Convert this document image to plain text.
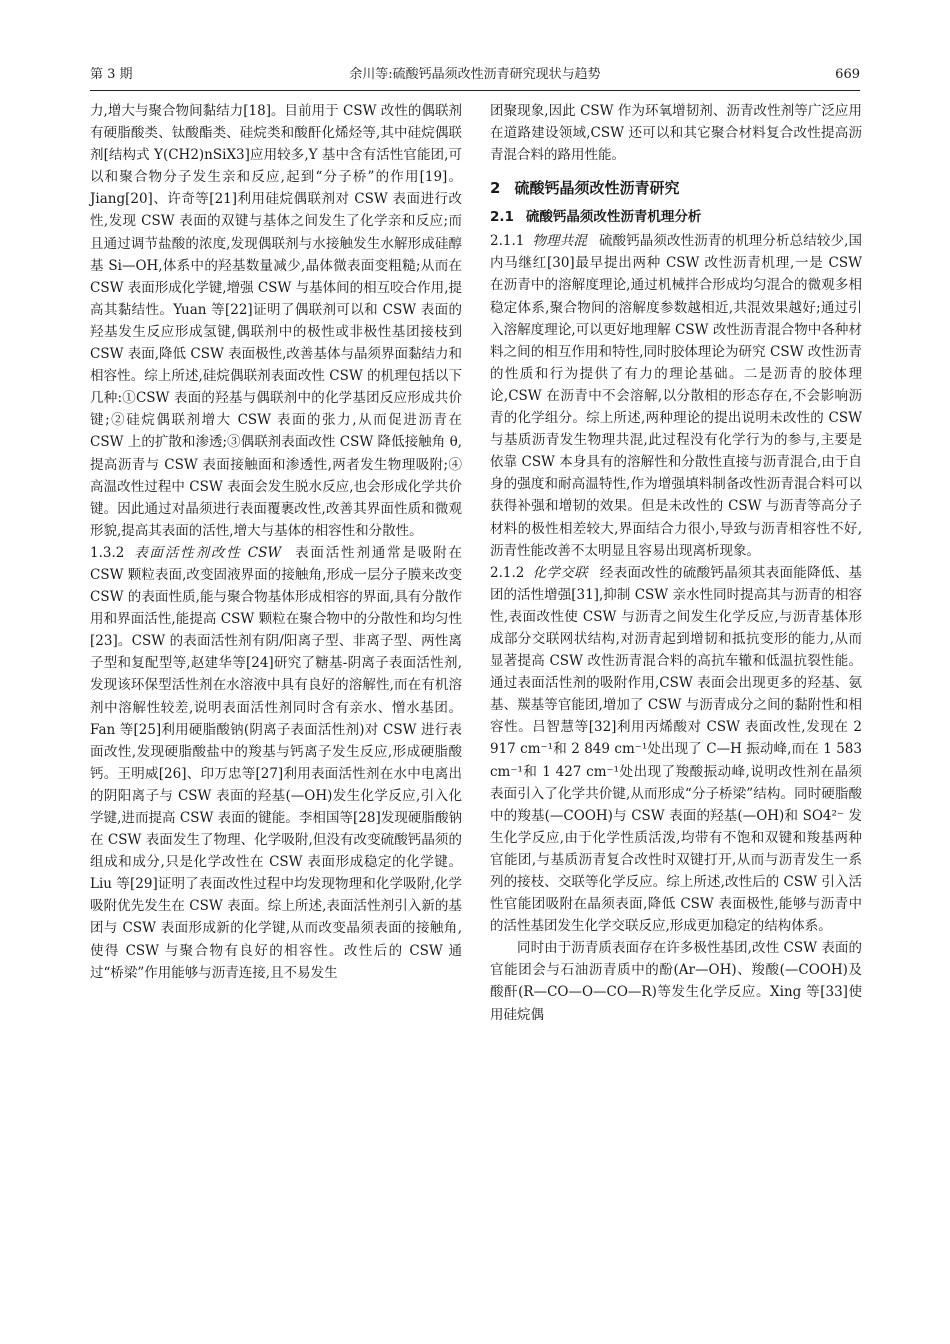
第 3 期	余川等:硫酸钙晶须改性沥青研究现状与趋势	669

力,增大与聚合物间黏结力[18]。目前用于 CSW 改性的偶联剂有硬脂酸类、钛酸酯类、硅烷类和酸酐化烯烃等,其中硅烷偶联剂[结构式 Y(CH2)nSiX3]应用较多,Y 基中含有活性官能团,可以和聚合物分子发生亲和反应,起到“分子桥”的作用[19]。Jiang[20]、许奇等[21]利用硅烷偶联剂对 CSW 表面进行改性,发现 CSW 表面的双键与基体之间发生了化学亲和反应;而且通过调节盐酸的浓度,发现偶联剂与水接触发生水解形成硅醇基 Si—OH,体系中的羟基数量减少,晶体微表面变粗糙;从而在 CSW 表面形成化学键,增强 CSW 与基体间的相互咬合作用,提高其黏结性。Yuan 等[22]证明了偶联剂可以和 CSW 表面的羟基发生反应形成氢键,偶联剂中的极性或非极性基团接枝到 CSW 表面,降低 CSW 表面极性,改善基体与晶须界面黏结力和相容性。综上所述,硅烷偶联剂表面改性 CSW 的机理包括以下几种:①CSW 表面的羟基与偶联剂中的化学基团反应形成共价键;②硅烷偶联剂增大 CSW 表面的张力,从而促进沥青在 CSW 上的扩散和渗透;③偶联剂表面改性 CSW 降低接触角 θ,提高沥青与 CSW 表面接触面和渗透性,两者发生物理吸附;④高温改性过程中 CSW 表面会发生脱水反应,也会形成化学共价键。因此通过对晶须进行表面覆裹改性,改善其界面性质和微观形貌,提高其表面的活性,增大与基体的相容性和分散性。

1.3.2 表面活性剂改性 CSW 表面活性剂通常是吸附在 CSW 颗粒表面,改变固液界面的接触角,形成一层分子膜来改变 CSW 的表面性质,能与聚合物基体形成相容的界面,具有分散作用和界面活性,能提高 CSW 颗粒在聚合物中的分散性和均匀性[23]。CSW 的表面活性剂有阴/阳离子型、非离子型、两性离子型和复配型等,赵建华等[24]研究了糖基-阴离子表面活性剂,发现该环保型活性剂在水溶液中具有良好的溶解性,而在有机溶剂中溶解性较差,说明表面活性剂同时含有亲水、憎水基团。Fan 等[25]利用硬脂酸钠(阴离子表面活性剂)对 CSW 进行表面改性,发现硬脂酸盐中的羧基与钙离子发生反应,形成硬脂酸钙。王明威[26]、印万忠等[27]利用表面活性剂在水中电离出的阴阳离子与 CSW 表面的羟基(—OH)发生化学反应,引入化学键,进而提高 CSW 表面的键能。李相国等[28]发现硬脂酸钠在 CSW 表面发生了物理、化学吸附,但没有改变硫酸钙晶须的组成和成分,只是化学改性在 CSW 表面形成稳定的化学键。Liu 等[29]证明了表面改性过程中均发现物理和化学吸附,化学吸附优先发生在 CSW 表面。综上所述,表面活性剂引入新的基团与 CSW 表面形成新的化学键,从而改变晶须表面的接触角,使得 CSW 与聚合物有良好的相容性。改性后的 CSW 通过“桥梁”作用能够与沥青连接,且不易发生

团聚现象,因此 CSW 作为环氧增韧剂、沥青改性剂等广泛应用在道路建设领域,CSW 还可以和其它聚合材料复合改性提高沥青混合料的路用性能。

2 硫酸钙晶须改性沥青研究
2.1 硫酸钙晶须改性沥青机理分析

2.1.1 物理共混 硫酸钙晶须改性沥青的机理分析总结较少,国内马继红[30]最早提出两种 CSW 改性沥青机理,一是 CSW 在沥青中的溶解度理论,通过机械拌合形成均匀混合的微观多相稳定体系,聚合物间的溶解度参数越相近,共混效果越好;通过引入溶解度理论,可以更好地理解 CSW 改性沥青混合物中各种材料之间的相互作用和特性,同时胶体理论为研究 CSW 改性沥青的性质和行为提供了有力的理论基础。二是沥青的胶体理论,CSW 在沥青中不会溶解,以分散相的形态存在,不会影响沥青的化学组分。综上所述,两种理论的提出说明未改性的 CSW 与基质沥青发生物理共混,此过程没有化学行为的参与,主要是依靠 CSW 本身具有的溶解性和分散性直接与沥青混合,由于自身的强度和耐高温特性,作为增强填料制备改性沥青混合料可以获得补强和增韧的效果。但是未改性的 CSW 与沥青等高分子材料的极性相差较大,界面结合力很小,导致与沥青相容性不好,沥青性能改善不太明显且容易出现离析现象。

2.1.2 化学交联 经表面改性的硫酸钙晶须其表面能降低、基团的活性增强[31],抑制 CSW 亲水性同时提高其与沥青的相容性,表面改性使 CSW 与沥青之间发生化学反应,与沥青基体形成部分交联网状结构,对沥青起到增韧和抵抗变形的能力,从而显著提高 CSW 改性沥青混合料的高抗车辙和低温抗裂性能。通过表面活性剂的吸附作用,CSW 表面会出现更多的羟基、氨基、羰基等官能团,增加了 CSW 与沥青成分之间的黏附性和相容性。吕智慧等[32]利用丙烯酸对 CSW 表面改性,发现在 2 917 cm⁻¹和 2 849 cm⁻¹处出现了 C—H 振动峰,而在 1 583 cm⁻¹和 1 427 cm⁻¹处出现了羧酸振动峰,说明改性剂在晶须表面引入了化学共价键,从而形成“分子桥梁”结构。同时硬脂酸中的羧基(—COOH)与 CSW 表面的羟基(—OH)和 SO4²⁻ 发生化学反应,由于化学性质活泼,均带有不饱和双键和羧基两种官能团,与基质沥青复合改性时双键打开,从而与沥青发生一系列的接枝、交联等化学反应。综上所述,改性后的 CSW 引入活性官能团吸附在晶须表面,降低 CSW 表面极性,能够与沥青中的活性基团发生化学交联反应,形成更加稳定的结构体系。

同时由于沥青质表面存在许多极性基团,改性 CSW 表面的官能团会与石油沥青质中的酚(Ar—OH)、羧酸(—COOH)及酸酐(R—CO—O—CO—R)等发生化学反应。Xing 等[33]使用硅烷偶
